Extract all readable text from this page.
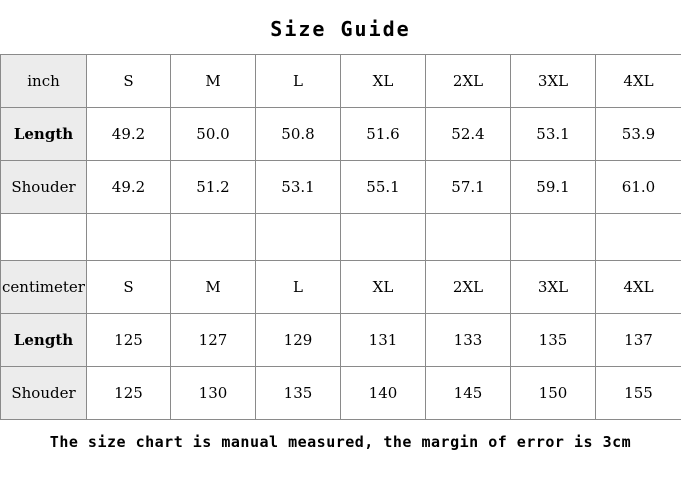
Size Guide
inch	S	M	L	XL	2XL	3XL	4XL
Length	49.2	50.0	50.8	51.6	52.4	53.1	53.9
Shouder	49.2	51.2	53.1	55.1	57.1	59.1	61.0

centimeter	S	M	L	XL	2XL	3XL	4XL
Length	125	127	129	131	133	135	137
Shouder	125	130	135	140	145	150	155
The size chart is manual measured, the margin of error is 3cm
